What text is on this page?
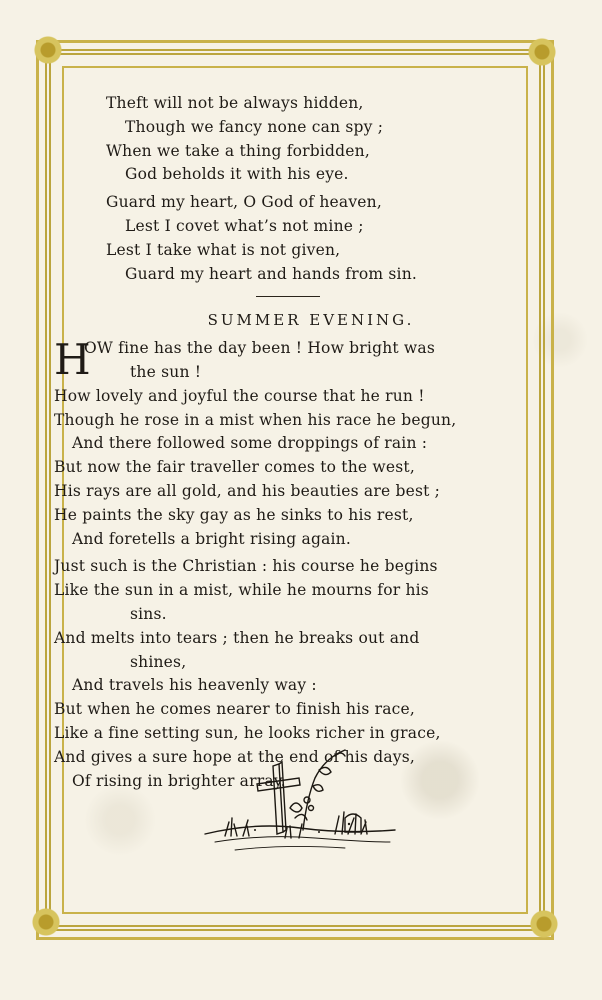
Theft will not be always hidden,

Though we fancy none can spy ;

When we take a thing forbidden,

God beholds it with his eye.

Guard my heart, O God of heaven,

Lest I covet what’s not mine ;

Lest I take what is not given,

Guard my heart and hands from sin.

SUMMER EVENING.

H
OW fine has the day been ! How bright was

the sun !

How lovely and joyful the course that he run !

Though he rose in a mist when his race he begun,

And there followed some droppings of rain :

But now the fair traveller comes to the west,

His rays are all gold, and his beauties are best ;

He paints the sky gay as he sinks to his rest,

And foretells a bright rising again.

Just such is the Christian : his course he begins

Like the sun in a mist, while he mourns for his

sins.

And melts into tears ; then he breaks out and

shines,

And travels his heavenly way :

But when he comes nearer to finish his race,

Like a fine setting sun, he looks richer in grace,

And gives a sure hope at the end of his days,

Of rising in brighter array.
